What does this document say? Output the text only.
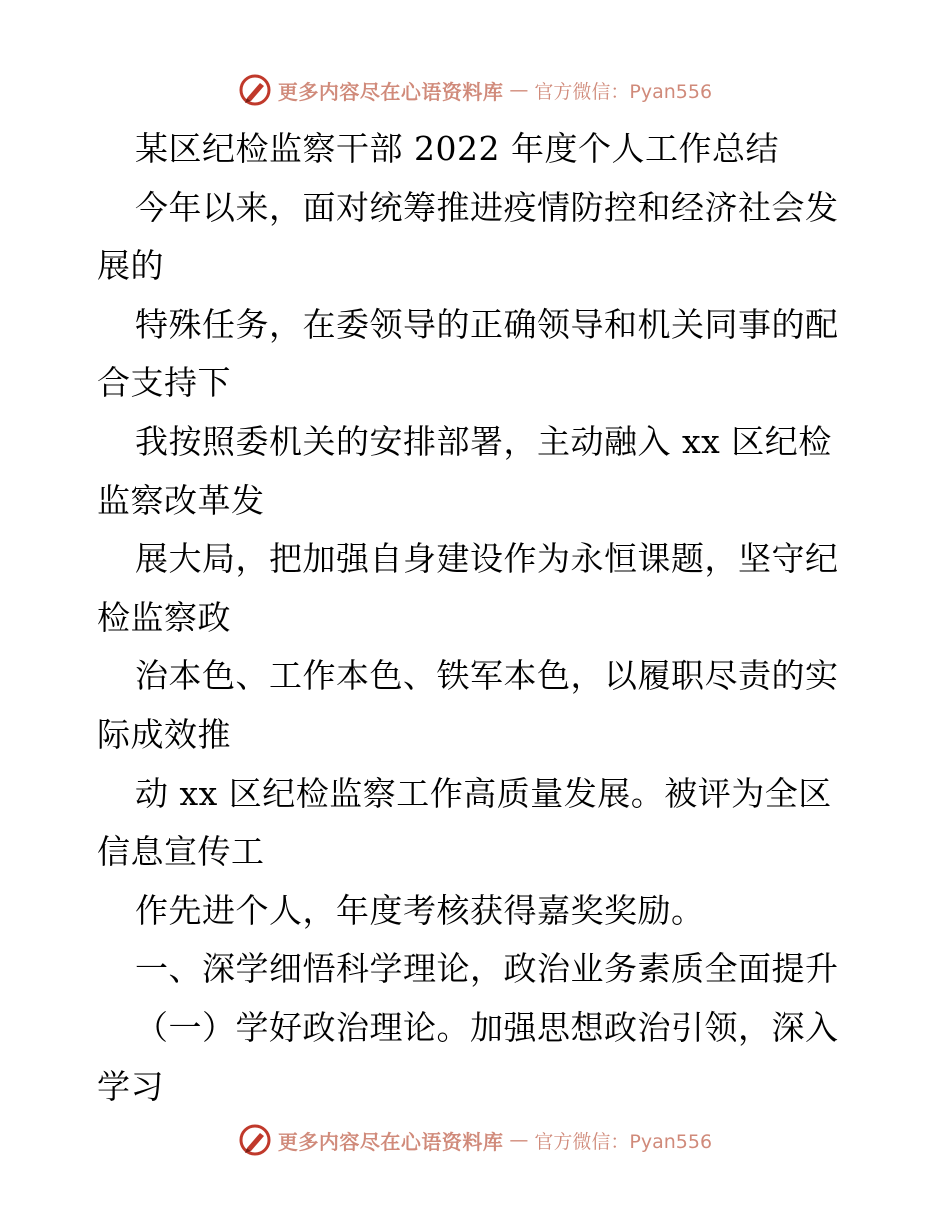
更多内容尽在心语资料库 — 官方微信：Pyan556
某区纪检监察干部 2022 年度个人工作总结
今年以来，面对统筹推进疫情防控和经济社会发
展的
特殊任务，在委领导的正确领导和机关同事的配
合支持下
我按照委机关的安排部署，主动融入 xx 区纪检
监察改革发
展大局，把加强自身建设作为永恒课题，坚守纪
检监察政
治本色、工作本色、铁军本色，以履职尽责的实
际成效推
动 xx 区纪检监察工作高质量发展。被评为全区
信息宣传工
作先进个人，年度考核获得嘉奖奖励。
一、深学细悟科学理论，政治业务素质全面提升
（一）学好政治理论。加强思想政治引领，深入
学习
更多内容尽在心语资料库 — 官方微信：Pyan556
